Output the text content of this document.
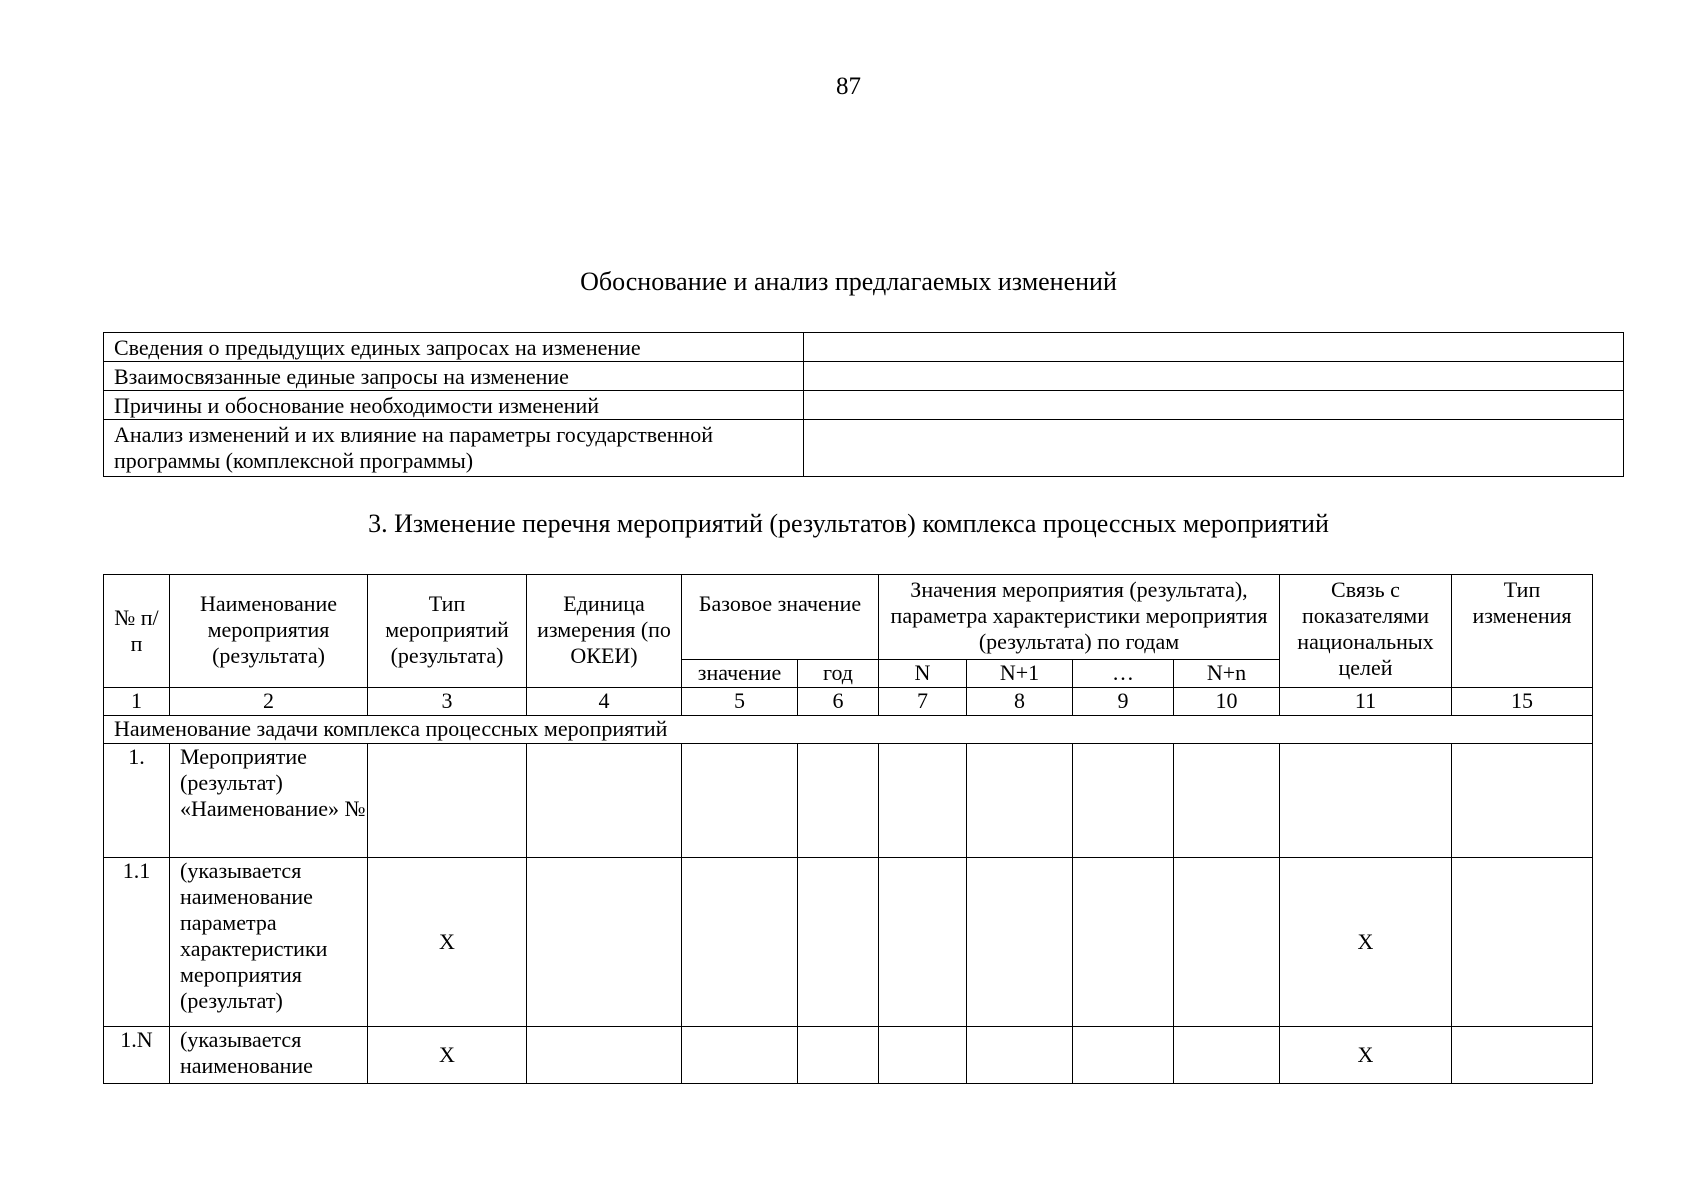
87
Обоснование и анализ предлагаемых изменений
Сведения о предыдущих единых запросах на изменение	
Взаимосвязанные единые запросы на изменение	
Причины и обоснование необходимости изменений	
Анализ изменений и их влияние на параметры государственной программы (комплексной программы)	
3. Изменение перечня мероприятий (результатов) комплекса процессных мероприятий
№ п/п	Наименование мероприятия (результата)	Тип мероприятий (результата)	Единица измерения (по ОКЕИ)	Базовое значение		Значения мероприятия (результата), параметра характеристики мероприятия (результата) по годам				Связь с показателями национальных целей	Тип изменения
				значение	год	N	N+1	…	N+n		
1	2	3	4	5	6	7	8	9	10	11	15
Наименование задачи комплекса процессных мероприятий											
1.	Мероприятие (результат) «Наименование» №										
1.1	(указывается наименование параметра характеристики мероприятия (результат)	X								X	
1.N	(указывается наименование	X								X	
